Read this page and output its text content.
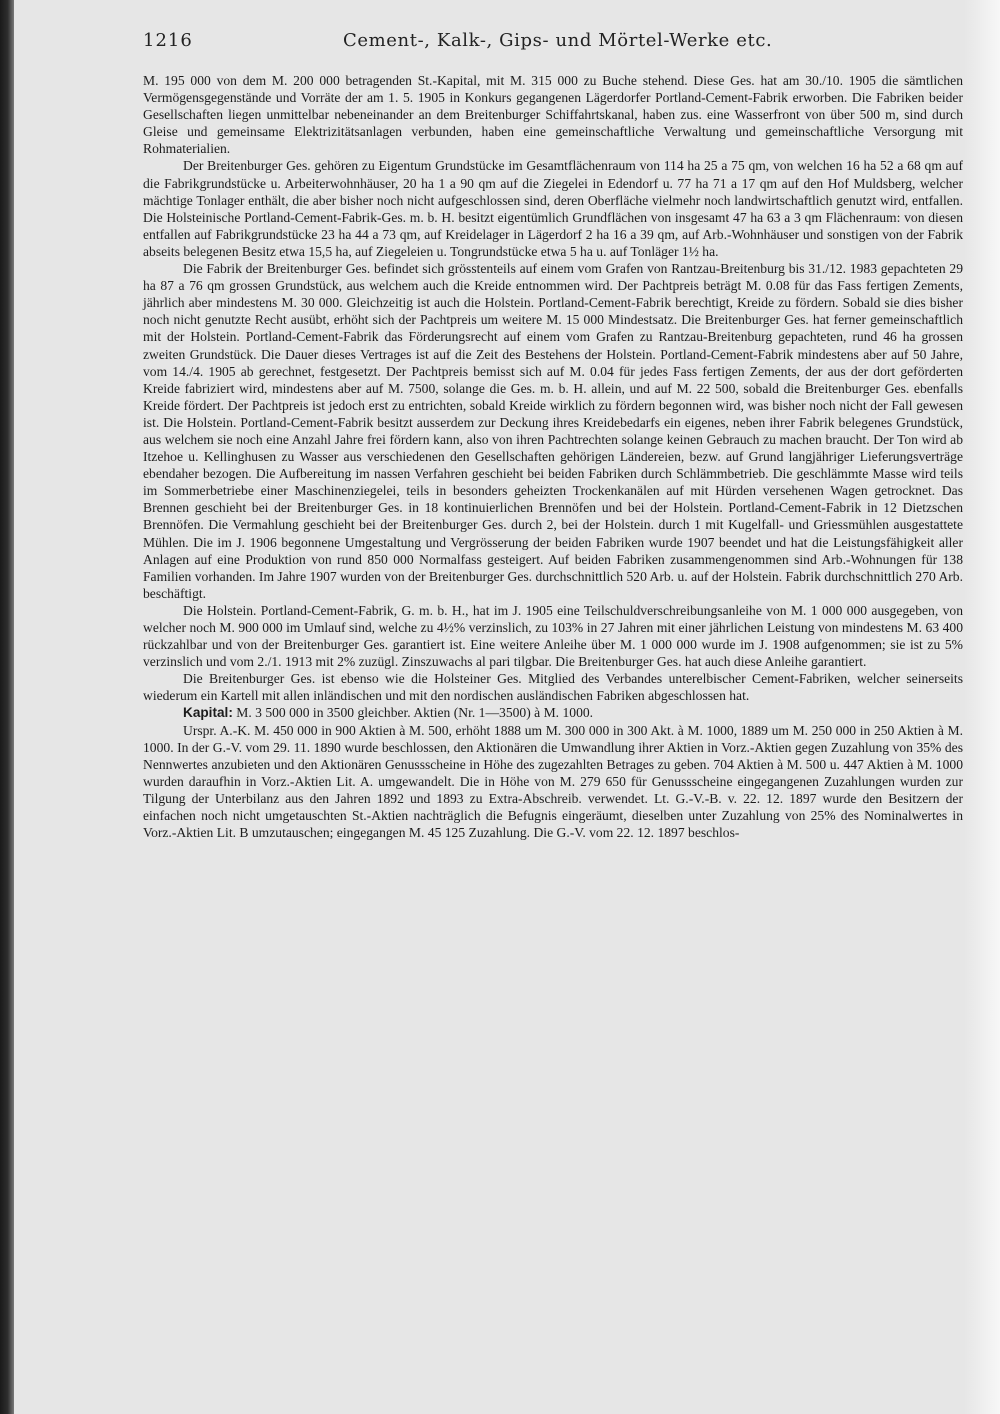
1216	Cement-, Kalk-, Gips- und Mörtel-Werke etc.

M. 195 000 von dem M. 200 000 betragenden St.-Kapital, mit M. 315 000 zu Buche stehend. Diese Ges. hat am 30./10. 1905 die sämtlichen Vermögensgegenstände und Vorräte der am 1. 5. 1905 in Konkurs gegangenen Lägerdorfer Portland-Cement-Fabrik erworben. Die Fabriken beider Gesellschaften liegen unmittelbar nebeneinander an dem Breitenburger Schiffahrtskanal, haben zus. eine Wasserfront von über 500 m, sind durch Gleise und gemeinsame Elektrizitätsanlagen verbunden, haben eine gemeinschaftliche Verwaltung und gemeinschaftliche Versorgung mit Rohmaterialien.

Der Breitenburger Ges. gehören zu Eigentum Grundstücke im Gesamtflächenraum von 114 ha 25 a 75 qm, von welchen 16 ha 52 a 68 qm auf die Fabrikgrundstücke u. Arbeiterwohnhäuser, 20 ha 1 a 90 qm auf die Ziegelei in Edendorf u. 77 ha 71 a 17 qm auf den Hof Muldsberg, welcher mächtige Tonlager enthält, die aber bisher noch nicht aufgeschlossen sind, deren Oberfläche vielmehr noch landwirtschaftlich genutzt wird, entfallen. Die Holsteinische Portland-Cement-Fabrik-Ges. m. b. H. besitzt eigentümlich Grundflächen von insgesamt 47 ha 63 a 3 qm Flächenraum: von diesen entfallen auf Fabrikgrundstücke 23 ha 44 a 73 qm, auf Kreidelager in Lägerdorf 2 ha 16 a 39 qm, auf Arb.-Wohnhäuser und sonstigen von der Fabrik abseits belegenen Besitz etwa 15,5 ha, auf Ziegeleien u. Tongrundstücke etwa 5 ha u. auf Tonläger 1½ ha.

Die Fabrik der Breitenburger Ges. befindet sich grösstenteils auf einem vom Grafen von Rantzau-Breitenburg bis 31./12. 1983 gepachteten 29 ha 87 a 76 qm grossen Grundstück, aus welchem auch die Kreide entnommen wird. Der Pachtpreis beträgt M. 0.08 für das Fass fertigen Zements, jährlich aber mindestens M. 30 000. Gleichzeitig ist auch die Holstein. Portland-Cement-Fabrik berechtigt, Kreide zu fördern. Sobald sie dies bisher noch nicht genutzte Recht ausübt, erhöht sich der Pachtpreis um weitere M. 15 000 Mindestsatz. Die Breitenburger Ges. hat ferner gemeinschaftlich mit der Holstein. Portland-Cement-Fabrik das Förderungsrecht auf einem vom Grafen zu Rantzau-Breitenburg gepachteten, rund 46 ha grossen zweiten Grundstück. Die Dauer dieses Vertrages ist auf die Zeit des Bestehens der Holstein. Portland-Cement-Fabrik mindestens aber auf 50 Jahre, vom 14./4. 1905 ab gerechnet, festgesetzt. Der Pachtpreis bemisst sich auf M. 0.04 für jedes Fass fertigen Zements, der aus der dort geförderten Kreide fabriziert wird, mindestens aber auf M. 7500, solange die Ges. m. b. H. allein, und auf M. 22 500, sobald die Breitenburger Ges. ebenfalls Kreide fördert. Der Pachtpreis ist jedoch erst zu entrichten, sobald Kreide wirklich zu fördern begonnen wird, was bisher noch nicht der Fall gewesen ist. Die Holstein. Portland-Cement-Fabrik besitzt ausserdem zur Deckung ihres Kreidebedarfs ein eigenes, neben ihrer Fabrik belegenes Grundstück, aus welchem sie noch eine Anzahl Jahre frei fördern kann, also von ihren Pachtrechten solange keinen Gebrauch zu machen braucht. Der Ton wird ab Itzehoe u. Kellinghusen zu Wasser aus verschiedenen den Gesellschaften gehörigen Ländereien, bezw. auf Grund langjähriger Lieferungsverträge ebendaher bezogen. Die Aufbereitung im nassen Verfahren geschieht bei beiden Fabriken durch Schlämmbetrieb. Die geschlämmte Masse wird teils im Sommerbetriebe einer Maschinenziegelei, teils in besonders geheizten Trockenkanälen auf mit Hürden versehenen Wagen getrocknet. Das Brennen geschieht bei der Breitenburger Ges. in 18 kontinuierlichen Brennöfen und bei der Holstein. Portland-Cement-Fabrik in 12 Dietzschen Brennöfen. Die Vermahlung geschieht bei der Breitenburger Ges. durch 2, bei der Holstein. durch 1 mit Kugelfall- und Griessmühlen ausgestattete Mühlen. Die im J. 1906 begonnene Umgestaltung und Vergrösserung der beiden Fabriken wurde 1907 beendet und hat die Leistungsfähigkeit aller Anlagen auf eine Produktion von rund 850 000 Normalfass gesteigert. Auf beiden Fabriken zusammengenommen sind Arb.-Wohnungen für 138 Familien vorhanden. Im Jahre 1907 wurden von der Breitenburger Ges. durchschnittlich 520 Arb. u. auf der Holstein. Fabrik durchschnittlich 270 Arb. beschäftigt.

Die Holstein. Portland-Cement-Fabrik, G. m. b. H., hat im J. 1905 eine Teilschuldverschreibungsanleihe von M. 1 000 000 ausgegeben, von welcher noch M. 900 000 im Umlauf sind, welche zu 4½% verzinslich, zu 103% in 27 Jahren mit einer jährlichen Leistung von mindestens M. 63 400 rückzahlbar und von der Breitenburger Ges. garantiert ist. Eine weitere Anleihe über M. 1 000 000 wurde im J. 1908 aufgenommen; sie ist zu 5% verzinslich und vom 2./1. 1913 mit 2% zuzügl. Zinszuwachs al pari tilgbar. Die Breitenburger Ges. hat auch diese Anleihe garantiert.

Die Breitenburger Ges. ist ebenso wie die Holsteiner Ges. Mitglied des Verbandes unterelbischer Cement-Fabriken, welcher seinerseits wiederum ein Kartell mit allen inländischen und mit den nordischen ausländischen Fabriken abgeschlossen hat.

Kapital: M. 3 500 000 in 3500 gleichber. Aktien (Nr. 1—3500) à M. 1000.

Urspr. A.-K. M. 450 000 in 900 Aktien à M. 500, erhöht 1888 um M. 300 000 in 300 Akt. à M. 1000, 1889 um M. 250 000 in 250 Aktien à M. 1000. In der G.-V. vom 29. 11. 1890 wurde beschlossen, den Aktionären die Umwandlung ihrer Aktien in Vorz.-Aktien gegen Zuzahlung von 35% des Nennwertes anzubieten und den Aktionären Genussscheine in Höhe des zugezahlten Betrages zu geben. 704 Aktien à M. 500 u. 447 Aktien à M. 1000 wurden daraufhin in Vorz.-Aktien Lit. A. umgewandelt. Die in Höhe von M. 279 650 für Genussscheine eingegangenen Zuzahlungen wurden zur Tilgung der Unterbilanz aus den Jahren 1892 und 1893 zu Extra-Abschreib. verwendet. Lt. G.-V.-B. v. 22. 12. 1897 wurde den Besitzern der einfachen noch nicht umgetauschten St.-Aktien nachträglich die Befugnis eingeräumt, dieselben unter Zuzahlung von 25% des Nominalwertes in Vorz.-Aktien Lit. B umzutauschen; eingegangen M. 45 125 Zuzahlung. Die G.-V. vom 22. 12. 1897 beschlos-
